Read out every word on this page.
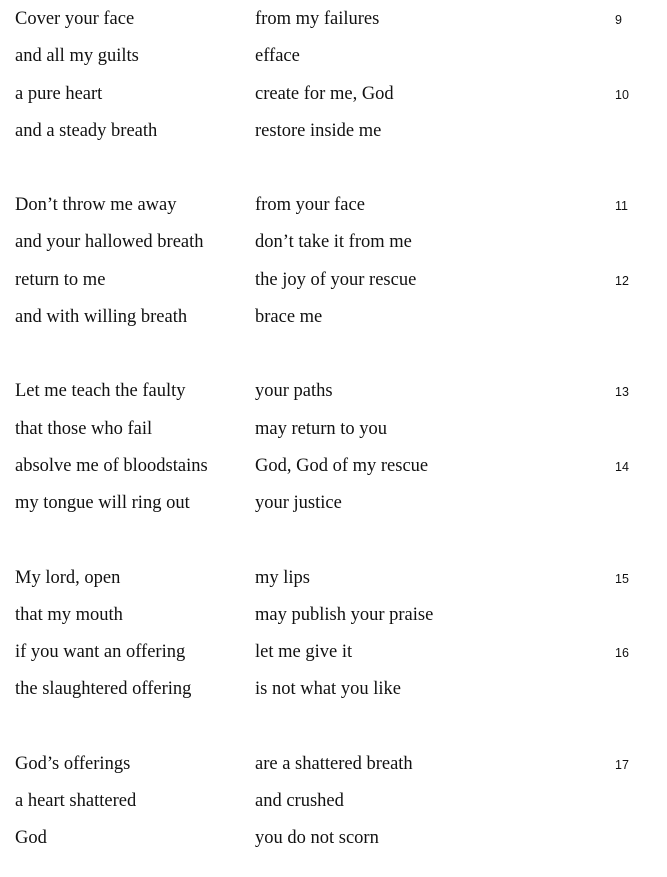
Cover your face	from my failures	9
and all my guilts	efface
a pure heart	create for me, God	10
and a steady breath	restore inside me
Don’t throw me away	from your face	11
and your hallowed breath	don’t take it from me
return to me	the joy of your rescue	12
and with willing breath	brace me
Let me teach the faulty	your paths	13
that those who fail	may return to you
absolve me of bloodstains	God, God of my rescue	14
my tongue will ring out	your justice
My lord, open	my lips	15
that my mouth	may publish your praise
if you want an offering	let me give it	16
the slaughtered offering	is not what you like
God’s offerings	are a shattered breath	17
a heart shattered	and crushed
God	you do not scorn
